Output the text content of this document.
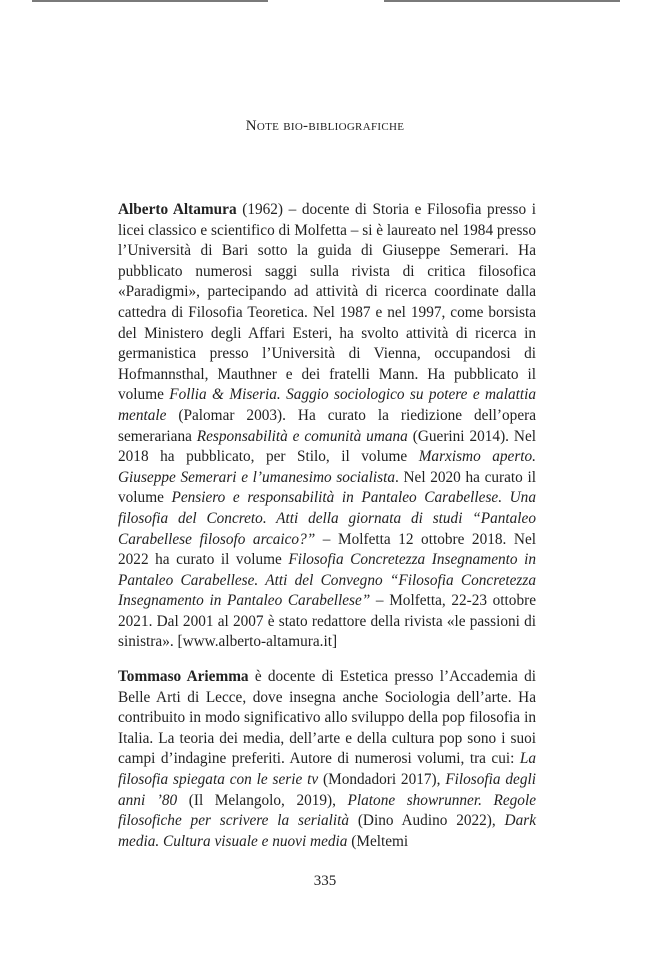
Note bio-bibliografiche

Alberto Altamura (1962) – docente di Storia e Filosofia presso i licei classico e scientifico di Molfetta – si è laureato nel 1984 presso l’Università di Bari sotto la guida di Giuseppe Semerari. Ha pubblicato numerosi saggi sulla rivista di critica filosofica «Paradigmi», partecipando ad attività di ricerca coordinate dalla cattedra di Filosofia Teoretica. Nel 1987 e nel 1997, come borsista del Ministero degli Affari Esteri, ha svolto attività di ricerca in germanistica presso l’Università di Vienna, occupandosi di Hofmannsthal, Mauthner e dei fratelli Mann. Ha pubblicato il volume Follia & Miseria. Saggio sociologico su potere e malattia mentale (Palomar 2003). Ha curato la riedizione dell’opera semerariana Responsabilità e comunità umana (Guerini 2014). Nel 2018 ha pubblicato, per Stilo, il volume Marxismo aperto. Giuseppe Semerari e l’umanesimo socialista. Nel 2020 ha curato il volume Pensiero e responsabilità in Pantaleo Carabellese. Una filosofia del Concreto. Atti della giornata di studi “Pantaleo Carabellese filosofo arcaico?” – Molfetta 12 ottobre 2018. Nel 2022 ha curato il volume Filosofia Concretezza Insegnamento in Pantaleo Carabellese. Atti del Convegno “Filosofia Concretezza Insegnamento in Pantaleo Carabellese” – Molfetta, 22-23 ottobre 2021. Dal 2001 al 2007 è stato redattore della rivista «le passioni di sinistra». [www.alberto-altamura.it]

Tommaso Ariemma è docente di Estetica presso l’Accademia di Belle Arti di Lecce, dove insegna anche Sociologia dell’arte. Ha contribuito in modo significativo allo sviluppo della pop filosofia in Italia. La teoria dei media, dell’arte e della cultura pop sono i suoi campi d’indagine preferiti. Autore di numerosi volumi, tra cui: La filosofia spiegata con le serie tv (Mondadori 2017), Filosofia degli anni ’80 (Il Melangolo, 2019), Platone showrunner. Regole filosofiche per scrivere la serialità (Dino Audino 2022), Dark media. Cultura visuale e nuovi media (Meltemi

335
